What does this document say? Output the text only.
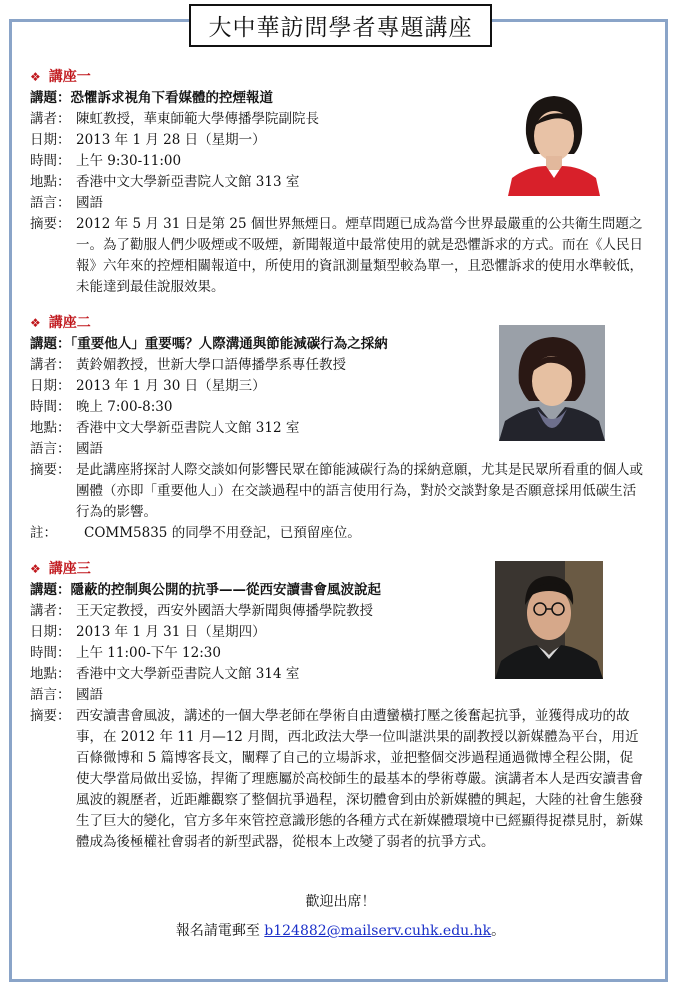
大中華訪問學者專題講座
❖ 講座一
講題：恐懼訴求視角下看媒體的控煙報道
講者： 陳虹教授，華東師範大學傳播學院副院長
日期： 2013 年 1 月 28 日（星期一）
時間： 上午 9:30-11:00
地點： 香港中文大學新亞書院人文館 313 室
語言： 國語
摘要： 2012 年 5 月 31 日是第 25 個世界無煙日。煙草問題已成為當今世界最嚴重的公共衛生問題之一。為了勸服人們少吸煙或不吸煙，新聞報道中最常使用的就是恐懼訴求的方式。而在《人民日報》六年來的控煙相關報道中，所使用的資訊測量類型較為單一，且恐懼訴求的使用水準較低，未能達到最佳說服效果。
❖ 講座二
講題：「重要他人」重要嗎？人際溝通與節能減碳行為之採納
講者： 黃鈴媚教授，世新大學口語傳播學系專任教授
日期： 2013 年 1 月 30 日（星期三）
時間： 晚上 7:00-8:30
地點： 香港中文大學新亞書院人文館 312 室
語言： 國語
摘要： 是此講座將探討人際交談如何影響民眾在節能減碳行為的採納意願，尤其是民眾所看重的個人或團體（亦即「重要他人」）在交談過程中的語言使用行為，對於交談對象是否願意採用低碳生活行為的影響。
註：	COMM5835 的同學不用登記，已預留座位。
❖ 講座三
講題：隱蔽的控制與公開的抗爭——從西安讀書會風波說起
講者： 王天定教授，西安外國語大學新聞與傳播學院教授
日期： 2013 年 1 月 31 日（星期四）
時間： 上午 11:00-下午 12:30
地點： 香港中文大學新亞書院人文館 314 室
語言： 國語
摘要： 西安讀書會風波，講述的一個大學老師在學術自由遭蠻橫打壓之後奮起抗爭，並獲得成功的故事，在 2012 年 11 月—12 月間，西北政法大學一位叫諶洪果的副教授以新媒體為平台，用近百條微博和 5 篇博客長文，闡釋了自己的立場訴求，並把整個交涉過程通過微博全程公開，促使大學當局做出妥協，捍衛了理應屬於高校師生的最基本的學術尊嚴。演講者本人是西安讀書會風波的親歷者，近距離觀察了整個抗爭過程，深切體會到由於新媒體的興起，大陸的社會生態發生了巨大的變化，官方多年來管控意識形態的各種方式在新媒體環境中已經顯得捉襟見肘，新媒體成為後極權社會弱者的新型武器，從根本上改變了弱者的抗爭方式。
歡迎出席！
報名請電郵至 b124882@mailserv.cuhk.edu.hk。
